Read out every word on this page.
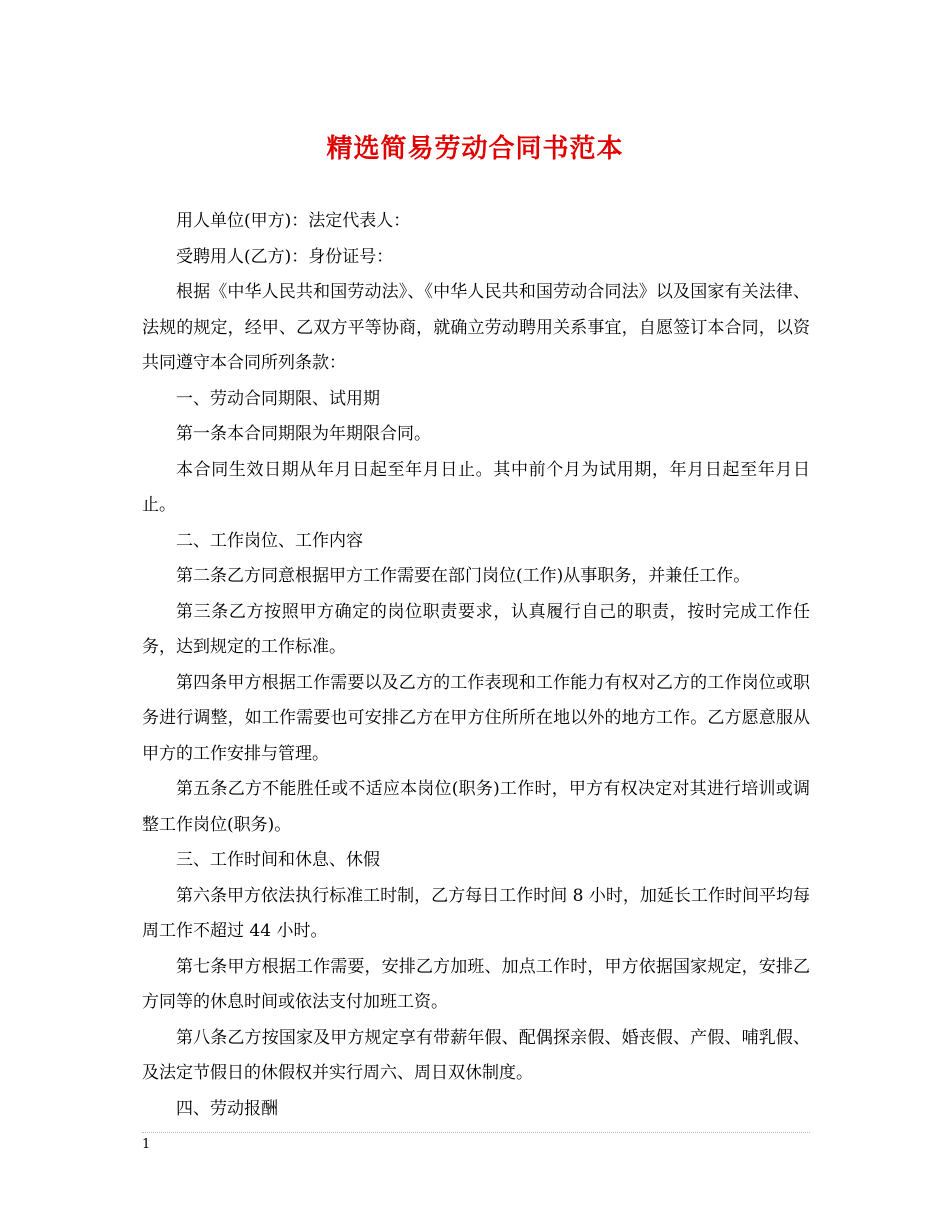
精选简易劳动合同书范本

用人单位(甲方)：法定代表人：

受聘用人(乙方)：身份证号：

根据《中华人民共和国劳动法》、《中华人民共和国劳动合同法》以及国家有关法律、法规的规定，经甲、乙双方平等协商，就确立劳动聘用关系事宜，自愿签订本合同，以资共同遵守本合同所列条款：

一、劳动合同期限、试用期

第一条本合同期限为年期限合同。

本合同生效日期从年月日起至年月日止。其中前个月为试用期，年月日起至年月日止。

二、工作岗位、工作内容

第二条乙方同意根据甲方工作需要在部门岗位(工作)从事职务，并兼任工作。

第三条乙方按照甲方确定的岗位职责要求，认真履行自己的职责，按时完成工作任务，达到规定的工作标准。

第四条甲方根据工作需要以及乙方的工作表现和工作能力有权对乙方的工作岗位或职务进行调整，如工作需要也可安排乙方在甲方住所所在地以外的地方工作。乙方愿意服从甲方的工作安排与管理。

第五条乙方不能胜任或不适应本岗位(职务)工作时，甲方有权决定对其进行培训或调整工作岗位(职务)。

三、工作时间和休息、休假

第六条甲方依法执行标准工时制，乙方每日工作时间 8 小时，加延长工作时间平均每周工作不超过 44 小时。

第七条甲方根据工作需要，安排乙方加班、加点工作时，甲方依据国家规定，安排乙方同等的休息时间或依法支付加班工资。

第八条乙方按国家及甲方规定享有带薪年假、配偶探亲假、婚丧假、产假、哺乳假、及法定节假日的休假权并实行周六、周日双休制度。

四、劳动报酬

1
